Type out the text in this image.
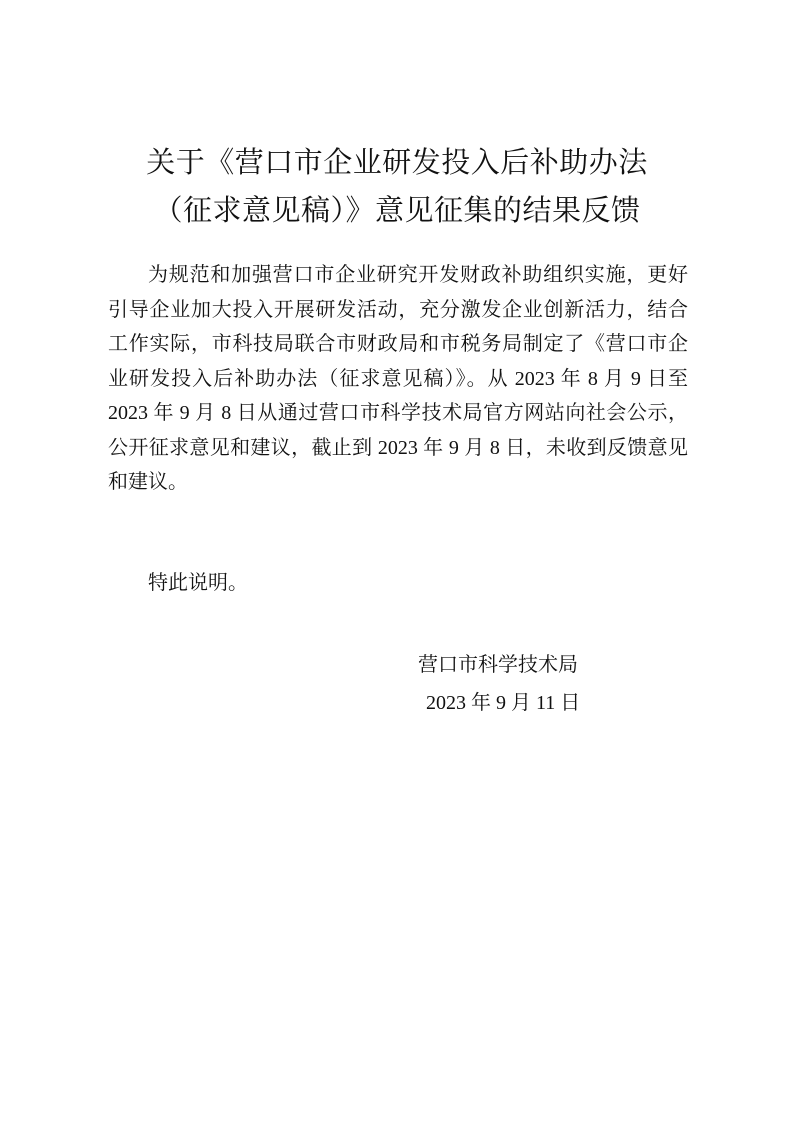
关于《营口市企业研发投入后补助办法
（征求意见稿）》意见征集的结果反馈
为规范和加强营口市企业研究开发财政补助组织实施，更好
引导企业加大投入开展研发活动，充分激发企业创新活力，结合
工作实际，市科技局联合市财政局和市税务局制定了《营口市企
业研发投入后补助办法（征求意见稿）》。从 2023 年 8 月 9 日至
2023 年 9 月 8 日从通过营口市科学技术局官方网站向社会公示，
公开征求意见和建议，截止到 2023 年 9 月 8 日，未收到反馈意见
和建议。
特此说明。
营口市科学技术局
2023 年 9 月 11 日
